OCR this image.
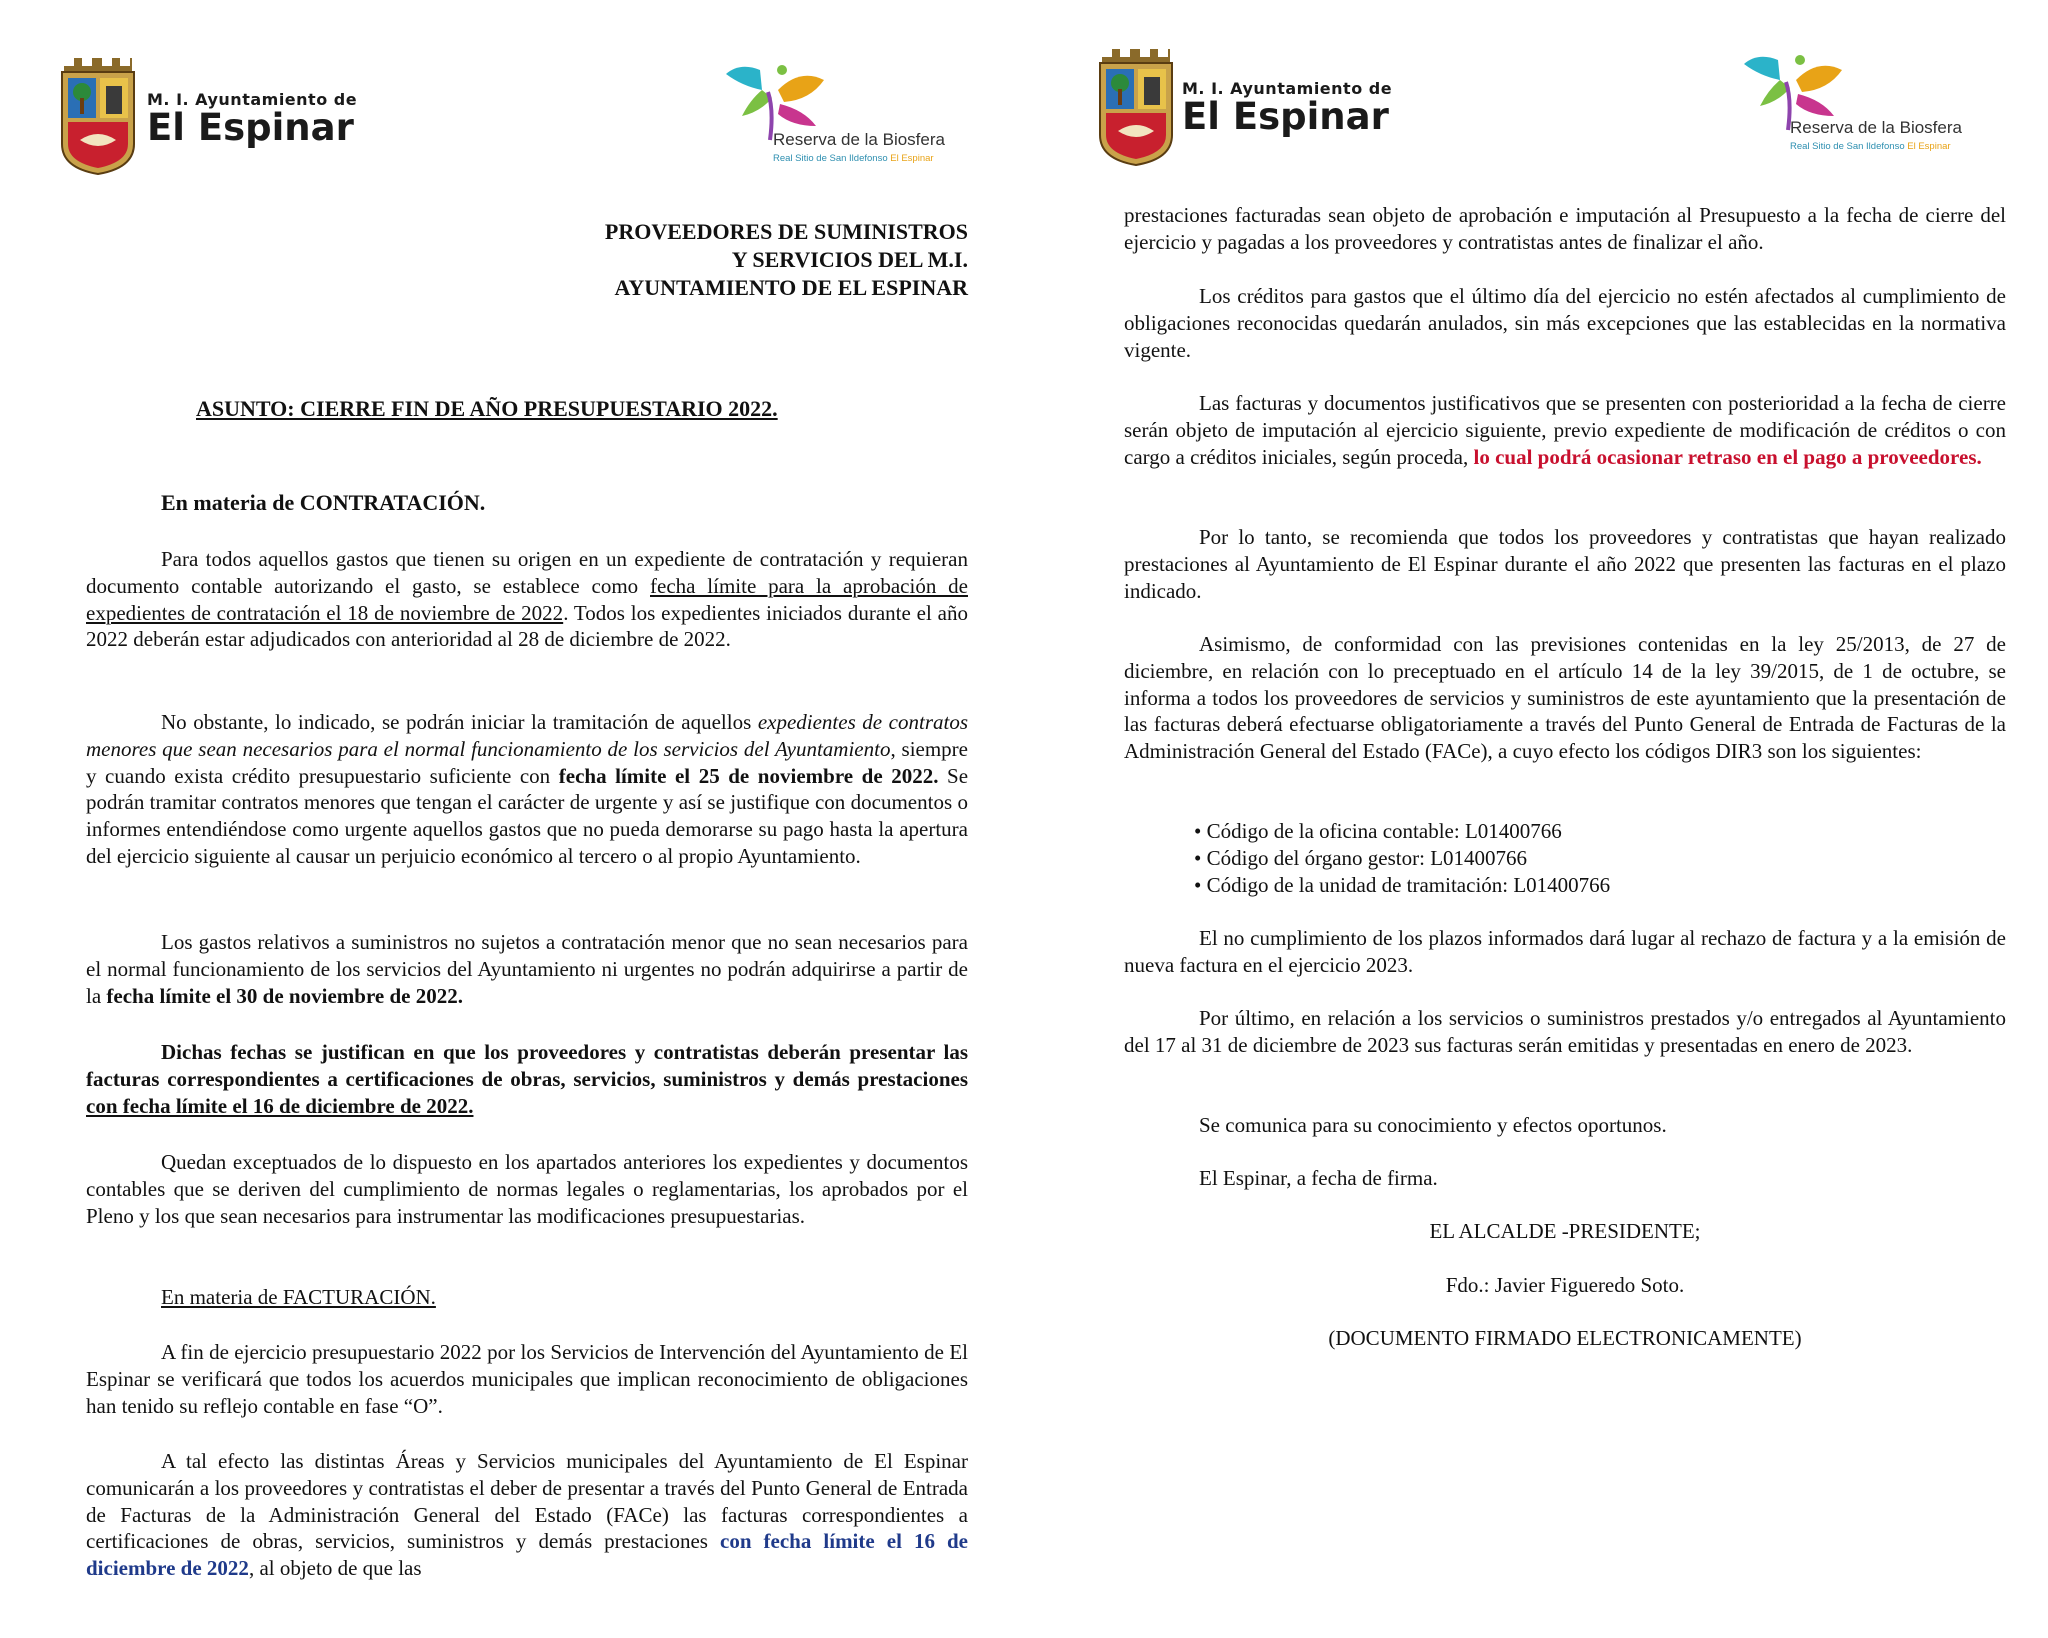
M. I. Ayuntamiento de
El Espinar	Reserva de la Biosfera
Real Sitio de San Ildefonso El Espinar
PROVEEDORES DE SUMINISTROS
Y SERVICIOS DEL M.I.
AYUNTAMIENTO DE EL ESPINAR
ASUNTO: CIERRE FIN DE AÑO PRESUPUESTARIO 2022.
En materia de CONTRATACIÓN.
Para todos aquellos gastos que tienen su origen en un expediente de contratación y requieran documento contable autorizando el gasto, se establece como fecha límite para la aprobación de expedientes de contratación el 18 de noviembre de 2022. Todos los expedientes iniciados durante el año 2022 deberán estar adjudicados con anterioridad al 28 de diciembre de 2022.
No obstante, lo indicado, se podrán iniciar la tramitación de aquellos expedientes de contratos menores que sean necesarios para el normal funcionamiento de los servicios del Ayuntamiento, siempre y cuando exista crédito presupuestario suficiente con fecha límite el 25 de noviembre de 2022. Se podrán tramitar contratos menores que tengan el carácter de urgente y así se justifique con documentos o informes entendiéndose como urgente aquellos gastos que no pueda demorarse su pago hasta la apertura del ejercicio siguiente al causar un perjuicio económico al tercero o al propio Ayuntamiento.
Los gastos relativos a suministros no sujetos a contratación menor que no sean necesarios para el normal funcionamiento de los servicios del Ayuntamiento ni urgentes no podrán adquirirse a partir de la fecha límite el 30 de noviembre de 2022.
Dichas fechas se justifican en que los proveedores y contratistas deberán presentar las facturas correspondientes a certificaciones de obras, servicios, suministros y demás prestaciones con fecha límite el 16 de diciembre de 2022.
Quedan exceptuados de lo dispuesto en los apartados anteriores los expedientes y documentos contables que se deriven del cumplimiento de normas legales o reglamentarias, los aprobados por el Pleno y los que sean necesarios para instrumentar las modificaciones presupuestarias.
En materia de FACTURACIÓN.
A fin de ejercicio presupuestario 2022 por los Servicios de Intervención del Ayuntamiento de El Espinar se verificará que todos los acuerdos municipales que implican reconocimiento de obligaciones han tenido su reflejo contable en fase “O”.
A tal efecto las distintas Áreas y Servicios municipales del Ayuntamiento de El Espinar comunicarán a los proveedores y contratistas el deber de presentar a través del Punto General de Entrada de Facturas de la Administración General del Estado (FACe) las facturas correspondientes a certificaciones de obras, servicios, suministros y demás prestaciones con fecha límite el 16 de diciembre de 2022, al objeto de que las
M. I. Ayuntamiento de
El Espinar	Reserva de la Biosfera
Real Sitio de San Ildefonso El Espinar
prestaciones facturadas sean objeto de aprobación e imputación al Presupuesto a la fecha de cierre del ejercicio y pagadas a los proveedores y contratistas antes de finalizar el año.
Los créditos para gastos que el último día del ejercicio no estén afectados al cumplimiento de obligaciones reconocidas quedarán anulados, sin más excepciones que las establecidas en la normativa vigente.
Las facturas y documentos justificativos que se presenten con posterioridad a la fecha de cierre serán objeto de imputación al ejercicio siguiente, previo expediente de modificación de créditos o con cargo a créditos iniciales, según proceda, lo cual podrá ocasionar retraso en el pago a proveedores.
Por lo tanto, se recomienda que todos los proveedores y contratistas que hayan realizado prestaciones al Ayuntamiento de El Espinar durante el año 2022 que presenten las facturas en el plazo indicado.
Asimismo, de conformidad con las previsiones contenidas en la ley 25/2013, de 27 de diciembre, en relación con lo preceptuado en el artículo 14 de la ley 39/2015, de 1 de octubre, se informa a todos los proveedores de servicios y suministros de este ayuntamiento que la presentación de las facturas deberá efectuarse obligatoriamente a través del Punto General de Entrada de Facturas de la Administración General del Estado (FACe), a cuyo efecto los códigos DIR3 son los siguientes:
• Código de la oficina contable: L01400766
• Código del órgano gestor: L01400766
• Código de la unidad de tramitación: L01400766
El no cumplimiento de los plazos informados dará lugar al rechazo de factura y a la emisión de nueva factura en el ejercicio 2023.
Por último, en relación a los servicios o suministros prestados y/o entregados al Ayuntamiento del 17 al 31 de diciembre de 2023 sus facturas serán emitidas y presentadas en enero de 2023.
Se comunica para su conocimiento y efectos oportunos.
El Espinar, a fecha de firma.
EL ALCALDE -PRESIDENTE;
Fdo.: Javier Figueredo Soto.
(DOCUMENTO FIRMADO ELECTRONICAMENTE)
